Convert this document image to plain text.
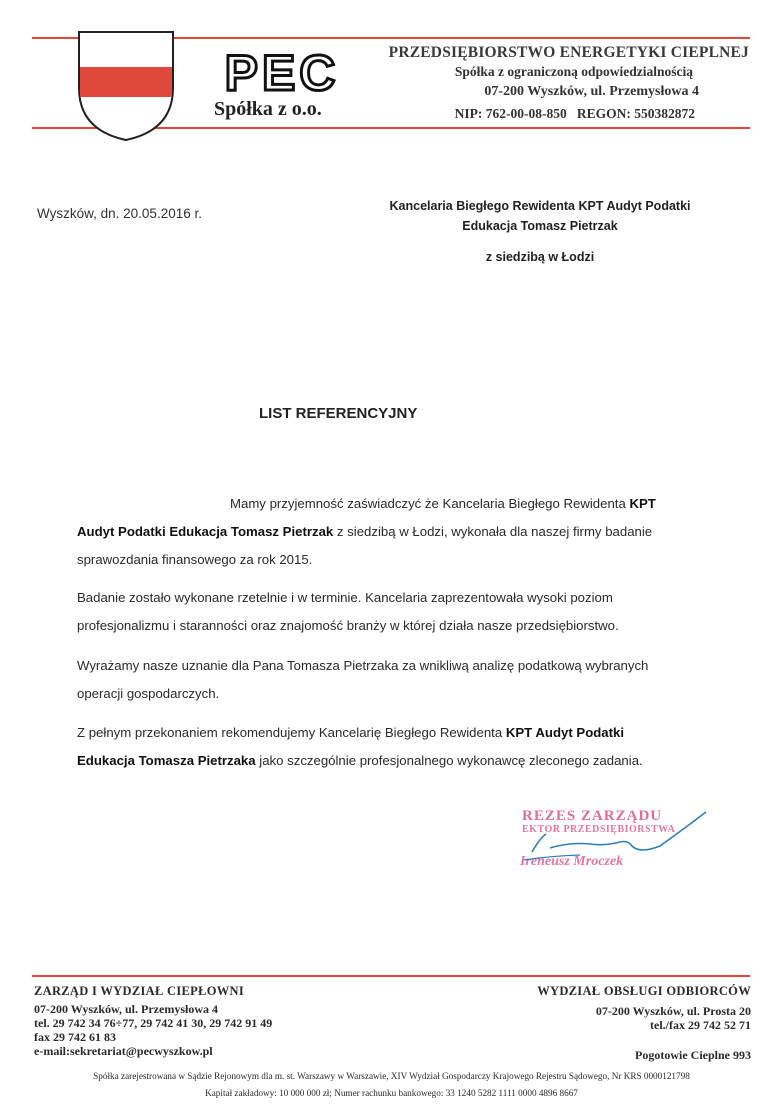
PEC
Spółka z o.o.
PRZEDSIĘBIORSTWO ENERGETYKI CIEPLNEJ
Spółka z ograniczoną odpowiedzialnością
07-200 Wyszków, ul. Przemysłowa 4
NIP: 762-00-08-850   REGON: 550382872
Wyszków, dn. 20.05.2016 r.	Kancelaria Biegłego Rewidenta KPT Audyt Podatki
Edukacja Tomasz Pietrzak
z siedzibą w Łodzi
LIST REFERENCYJNY
Mamy przyjemność zaświadczyć że Kancelaria Biegłego Rewidenta KPT
Audyt Podatki Edukacja Tomasz Pietrzak z siedzibą w Łodzi, wykonała dla naszej firmy badanie
sprawozdania finansowego za rok 2015.
Badanie zostało wykonane rzetelnie i w terminie. Kancelaria zaprezentowała wysoki poziom
profesjonalizmu i staranności oraz znajomość branży w której działa nasze przedsiębiorstwo.
Wyrażamy nasze uznanie dla Pana Tomasza Pietrzaka za wnikliwą analizę podatkową wybranych
operacji gospodarczych.
Z pełnym przekonaniem rekomendujemy Kancelarię Biegłego Rewidenta KPT Audyt Podatki
Edukacja Tomasza Pietrzaka jako szczególnie profesjonalnego wykonawcę zleconego zadania.
REZES ZARZĄDU
EKTOR PRZEDSIĘBIORSTWA
Ireneusz Mroczek
ZARZĄD I WYDZIAŁ CIEPŁOWNI
07-200 Wyszków, ul. Przemysłowa 4
tel. 29 742 34 76÷77, 29 742 41 30, 29 742 91 49
fax 29 742 61 83
e-mail:sekretariat@pecwyszkow.pl
WYDZIAŁ OBSŁUGI ODBIORCÓW
07-200 Wyszków, ul. Prosta 20
tel./fax 29 742 52 71
Pogotowie Cieplne 993
Spółka zarejestrowana w Sądzie Rejonowym dla m. st. Warszawy w Warszawie, XIV Wydział Gospodarczy Krajowego Rejestru Sądowego, Nr KRS 0000121798
Kapitał zakładowy: 10 000 000 zł; Numer rachunku bankowego: 33 1240 5282 1111 0000 4896 8667
